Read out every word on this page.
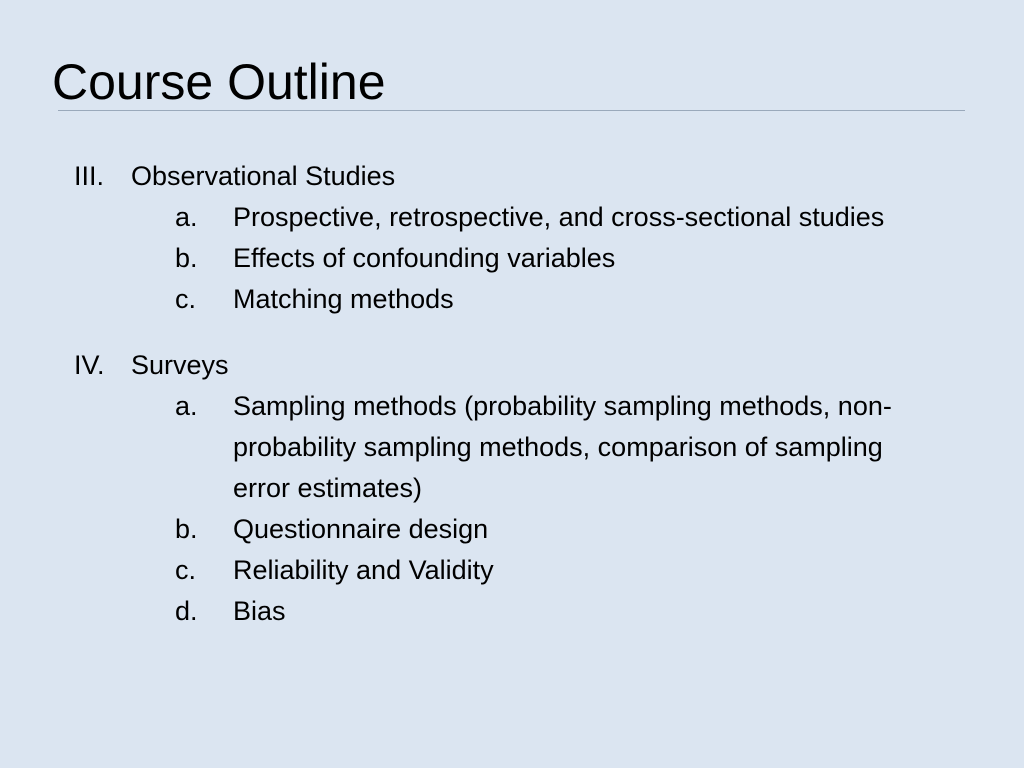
Course Outline
III. Observational Studies
a. Prospective, retrospective, and cross-sectional studies
b. Effects of confounding variables
c. Matching methods
IV. Surveys
a. Sampling methods (probability sampling methods, non-probability sampling methods, comparison of sampling error estimates)
b. Questionnaire design
c. Reliability and Validity
d. Bias
